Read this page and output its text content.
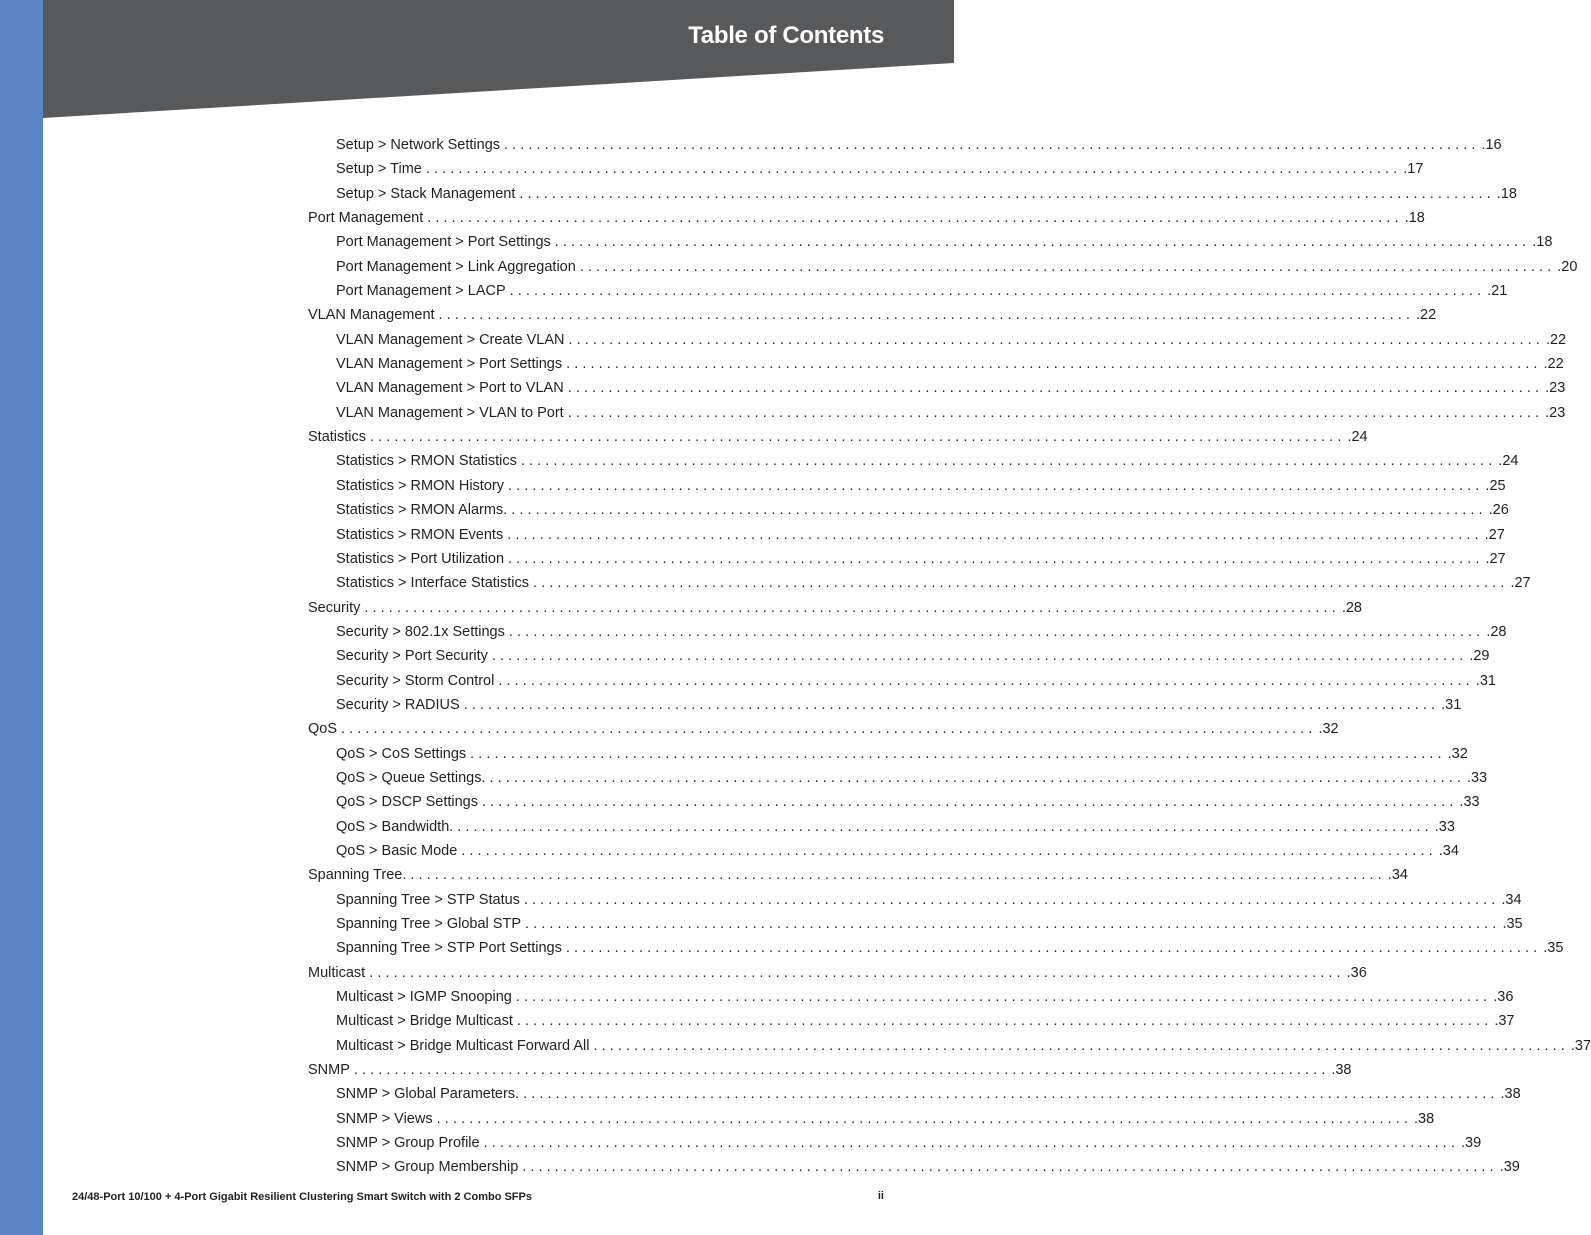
Table of Contents
Setup > Network Settings ........................................................................................................................ .16
Setup > Time ........................................................................................................................ .17
Setup > Stack Management ........................................................................................................................ .18
Port Management ........................................................................................................................ .18
Port Management > Port Settings ........................................................................................................................ .18
Port Management > Link Aggregation ........................................................................................................................ .20
Port Management > LACP ........................................................................................................................ .21
VLAN Management ........................................................................................................................ .22
VLAN Management > Create VLAN ........................................................................................................................ .22
VLAN Management > Port Settings ........................................................................................................................ .22
VLAN Management > Port to VLAN ........................................................................................................................ .23
VLAN Management > VLAN to Port ........................................................................................................................ .23
Statistics ........................................................................................................................ .24
Statistics > RMON Statistics ........................................................................................................................ .24
Statistics > RMON History ........................................................................................................................ .25
Statistics > RMON Alarms. ........................................................................................................................ .26
Statistics > RMON Events ........................................................................................................................ .27
Statistics > Port Utilization ........................................................................................................................ .27
Statistics > Interface Statistics ........................................................................................................................ .27
Security ........................................................................................................................ .28
Security > 802.1x Settings ........................................................................................................................ .28
Security > Port Security ........................................................................................................................ .29
Security > Storm Control ........................................................................................................................ .31
Security > RADIUS ........................................................................................................................ .31
QoS ........................................................................................................................ .32
QoS > CoS Settings ........................................................................................................................ .32
QoS > Queue Settings. ........................................................................................................................ .33
QoS > DSCP Settings ........................................................................................................................ .33
QoS > Bandwidth. ........................................................................................................................ .33
QoS > Basic Mode ........................................................................................................................ .34
Spanning Tree. ........................................................................................................................ .34
Spanning Tree > STP Status ........................................................................................................................ .34
Spanning Tree > Global STP ........................................................................................................................ .35
Spanning Tree > STP Port Settings ........................................................................................................................ .35
Multicast ........................................................................................................................ .36
Multicast > IGMP Snooping ........................................................................................................................ .36
Multicast > Bridge Multicast ........................................................................................................................ .37
Multicast > Bridge Multicast Forward All ........................................................................................................................ .37
SNMP ........................................................................................................................ .38
SNMP > Global Parameters. ........................................................................................................................ .38
SNMP > Views ........................................................................................................................ .38
SNMP > Group Profile ........................................................................................................................ .39
SNMP > Group Membership ........................................................................................................................ .39
24/48-Port 10/100 + 4-Port Gigabit Resilient Clustering Smart Switch with 2 Combo SFPs	ii
